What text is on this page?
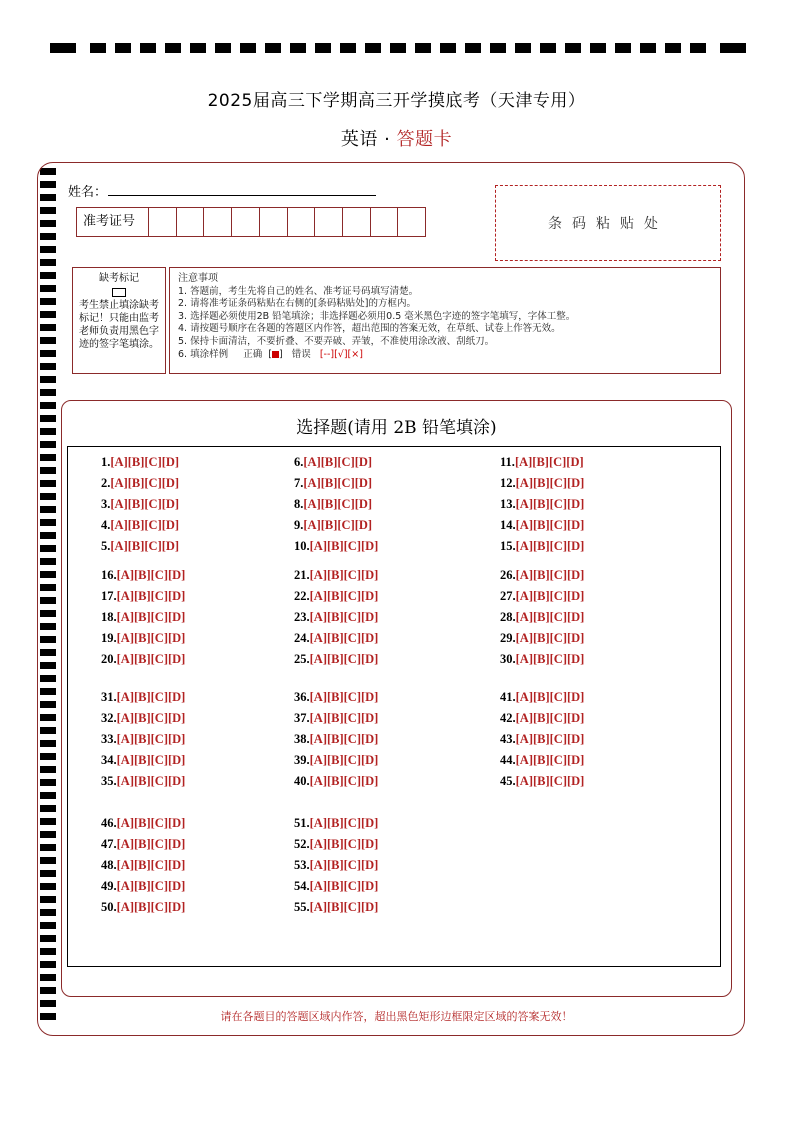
2025届高三下学期高三开学摸底考（天津专用）
英语 · 答题卡
姓名：
准考证号	条码粘贴处
缺考标记
考生禁止填涂缺考标记！只能由监考老师负责用黑色字迹的签字笔填涂。
注意事项
1. 答题前，考生先将自己的姓名、准考证号码填写清楚。
2. 请将准考证条码粘贴在右侧的[条码粘贴处]的方框内。
3. 选择题必须使用2B 铅笔填涂；非选择题必须用0.5 毫米黑色字迹的签字笔填写，字体工整。
4. 请按题号顺序在各题的答题区内作答，超出范围的答案无效，在草纸、试卷上作答无效。
5. 保持卡面清洁，不要折叠、不要弄破、弄皱，不准使用涂改液、刮纸刀。
6. 填涂样例 正确  [ ]   错误 [--][√][×]
选择题(请用 2B 铅笔填涂)
1.[A][B][C][D]
2.[A][B][C][D]
3.[A][B][C][D]
4.[A][B][C][D]
5.[A][B][C][D]
6.[A][B][C][D]
7.[A][B][C][D]
8.[A][B][C][D]
9.[A][B][C][D]
10.[A][B][C][D]
11.[A][B][C][D]
12.[A][B][C][D]
13.[A][B][C][D]
14.[A][B][C][D]
15.[A][B][C][D]
16.[A][B][C][D]
17.[A][B][C][D]
18.[A][B][C][D]
19.[A][B][C][D]
20.[A][B][C][D]
21.[A][B][C][D]
22.[A][B][C][D]
23.[A][B][C][D]
24.[A][B][C][D]
25.[A][B][C][D]
26.[A][B][C][D]
27.[A][B][C][D]
28.[A][B][C][D]
29.[A][B][C][D]
30.[A][B][C][D]
31.[A][B][C][D]
32.[A][B][C][D]
33.[A][B][C][D]
34.[A][B][C][D]
35.[A][B][C][D]
36.[A][B][C][D]
37.[A][B][C][D]
38.[A][B][C][D]
39.[A][B][C][D]
40.[A][B][C][D]
41.[A][B][C][D]
42.[A][B][C][D]
43.[A][B][C][D]
44.[A][B][C][D]
45.[A][B][C][D]
46.[A][B][C][D]
47.[A][B][C][D]
48.[A][B][C][D]
49.[A][B][C][D]
50.[A][B][C][D]
51.[A][B][C][D]
52.[A][B][C][D]
53.[A][B][C][D]
54.[A][B][C][D]
55.[A][B][C][D]
请在各题目的答题区域内作答，超出黑色矩形边框限定区域的答案无效！
